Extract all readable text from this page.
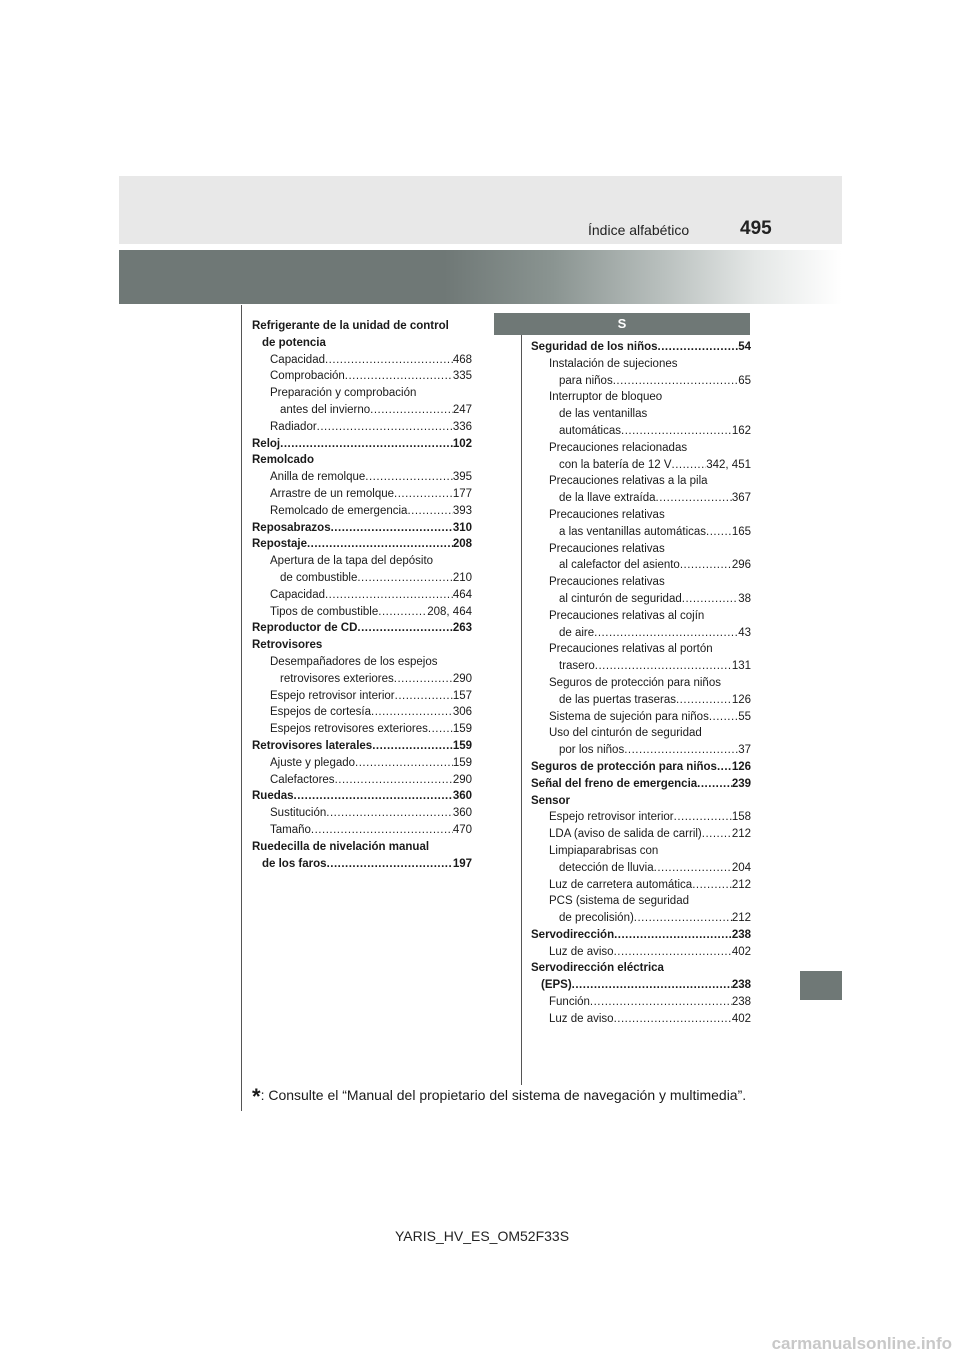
Índice alfabético	495
S
Refrigerante de la unidad de control
de potencia
Capacidad .....	468
Comprobación .....	335
Preparación y comprobación
antes del invierno .....	247
Radiador .....	336
Reloj .....	102
Remolcado
Anilla de remolque .....	395
Arrastre de un remolque .....	177
Remolcado de emergencia .....	393
Reposabrazos .....	310
Repostaje .....	208
Apertura de la tapa del depósito
de combustible .....	210
Capacidad .....	464
Tipos de combustible .....	208, 464
Reproductor de CD .....	263
Retrovisores
Desempañadores de los espejos
retrovisores exteriores .....	290
Espejo retrovisor interior .....	157
Espejos de cortesía .....	306
Espejos retrovisores exteriores ..... 159
Retrovisores laterales .....	159
Ajuste y plegado .....	159
Calefactores .....	290
Ruedas .....	360
Sustitución .....	360
Tamaño .....	470
Ruedecilla de nivelación manual
de los faros .....	197
Seguridad de los niños .....	54
Instalación de sujeciones
para niños .....	65
Interruptor de bloqueo
de las ventanillas
automáticas .....	162
Precauciones relacionadas
con la batería de 12 V .....	342, 451
Precauciones relativas a la pila
de la llave extraída .....	367
Precauciones relativas
a las ventanillas automáticas ..... 165
Precauciones relativas
al calefactor del asiento .....	296
Precauciones relativas
al cinturón de seguridad .....	38
Precauciones relativas al cojín
de aire .....	43
Precauciones relativas al portón
trasero .....	131
Seguros de protección para niños
de las puertas traseras .....	126
Sistema de sujeción para niños .....	55
Uso del cinturón de seguridad
por los niños .....	37
Seguros de protección para niños ..... 126
Señal del freno de emergencia .....	239
Sensor
Espejo retrovisor interior .....	158
LDA (aviso de salida de carril) .....	212
Limpiaparabrisas con
detección de lluvia .....	204
Luz de carretera automática .....	212
PCS (sistema de seguridad
de precolisión) .....	212
Servodirección .....	238
Luz de aviso .....	402
Servodirección eléctrica
(EPS) .....	238
Función .....	238
Luz de aviso .....	402
*: Consulte el “Manual del propietario del sistema de navegación y multimedia”.
YARIS_HV_ES_OM52F33S
carmanualsonline.info
